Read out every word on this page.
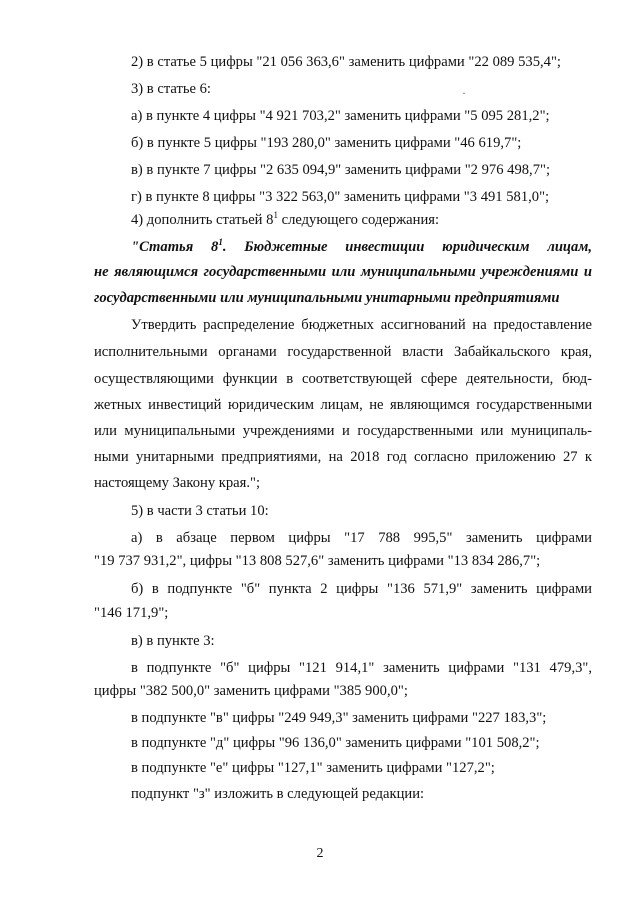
2) в статье 5 цифры "21 056 363,6" заменить цифрами "22 089 535,4";
3) в статье 6:	·
а) в пункте 4 цифры "4 921 703,2" заменить цифрами "5 095 281,2";
б) в пункте 5 цифры "193 280,0" заменить цифрами "46 619,7";
в) в пункте 7 цифры "2 635 094,9" заменить цифрами "2 976 498,7";
г) в пункте 8 цифры "3 322 563,0" заменить цифрами "3 491 581,0";
4) дополнить статьей $8^1$ следующего содержания:
"Статья $8^1$. Бюджетные инвестиции юридическим лицам,
не являющимся государственными или муниципальными учреждениями и
государственными или муниципальными унитарными предприятиями
Утвердить распределение бюджетных ассигнований на предоставление
исполнительными органами государственной власти Забайкальского края,
осуществляющими функции в соответствующей сфере деятельности, бюд-
жетных инвестиций юридическим лицам, не являющимся государственными
или муниципальными учреждениями и государственными или муниципаль-
ными унитарными предприятиями, на 2018 год согласно приложению 27 к
настоящему Закону края.";
5) в части 3 статьи 10:
а) в абзаце первом цифры "17 788 995,5" заменить цифрами
"19 737 931,2", цифры "13 808 527,6" заменить цифрами "13 834 286,7";
б) в подпункте "б" пункта 2 цифры "136 571,9" заменить цифрами
"146 171,9";
в) в пункте 3:
в подпункте "б" цифры "121 914,1" заменить цифрами "131 479,3",
цифры "382 500,0" заменить цифрами "385 900,0";
в подпункте "в" цифры "249 949,3" заменить цифрами "227 183,3";
в подпункте "д" цифры "96 136,0" заменить цифрами "101 508,2";
в подпункте "е" цифры "127,1" заменить цифрами "127,2";
подпункт "з" изложить в следующей редакции:
2
